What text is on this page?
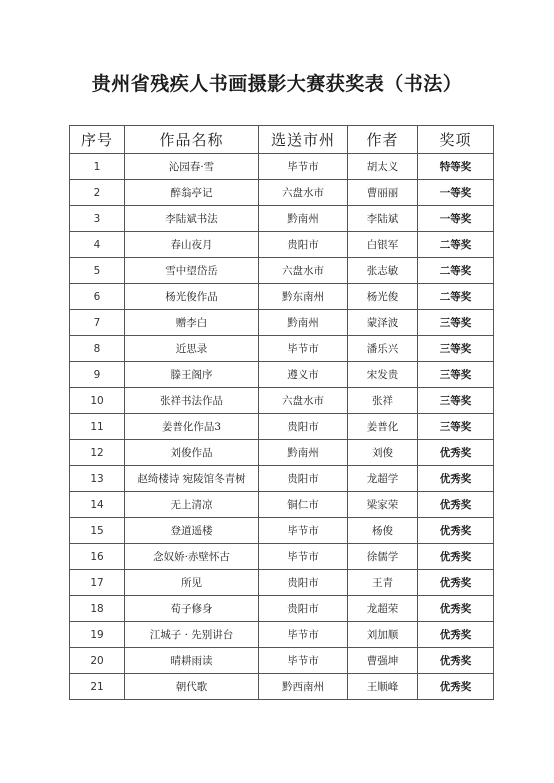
贵州省残疾人书画摄影大赛获奖表（书法）
序号	作品名称	选送市州	作者	奖项
1	沁园春·雪	毕节市	胡太义	特等奖
2	醉翁亭记	六盘水市	曹丽丽	一等奖
3	李陆斌书法	黔南州	李陆斌	一等奖
4	春山夜月	贵阳市	白银军	二等奖
5	雪中望岱岳	六盘水市	张志敏	二等奖
6	杨光俊作品	黔东南州	杨光俊	二等奖
7	赠李白	黔南州	蒙泽波	三等奖
8	近思录	毕节市	潘乐兴	三等奖
9	滕王阁序	遵义市	宋发贵	三等奖
10	张祥书法作品	六盘水市	张祥	三等奖
11	姜普化作品3	贵阳市	姜普化	三等奖
12	刘俊作品	黔南州	刘俊	优秀奖
13	赵绮楼诗 宛陵馆冬青树	贵阳市	龙超学	优秀奖
14	无上清凉	铜仁市	梁家荣	优秀奖
15	登道遥楼	毕节市	杨俊	优秀奖
16	念奴娇·赤壁怀古	毕节市	徐儒学	优秀奖
17	所见	贵阳市	王青	优秀奖
18	荀子修身	贵阳市	龙超荣	优秀奖
19	江城子 · 先别讲台	毕节市	刘加顺	优秀奖
20	晴耕雨读	毕节市	曹强坤	优秀奖
21	朝代歌	黔西南州	王顺峰	优秀奖
